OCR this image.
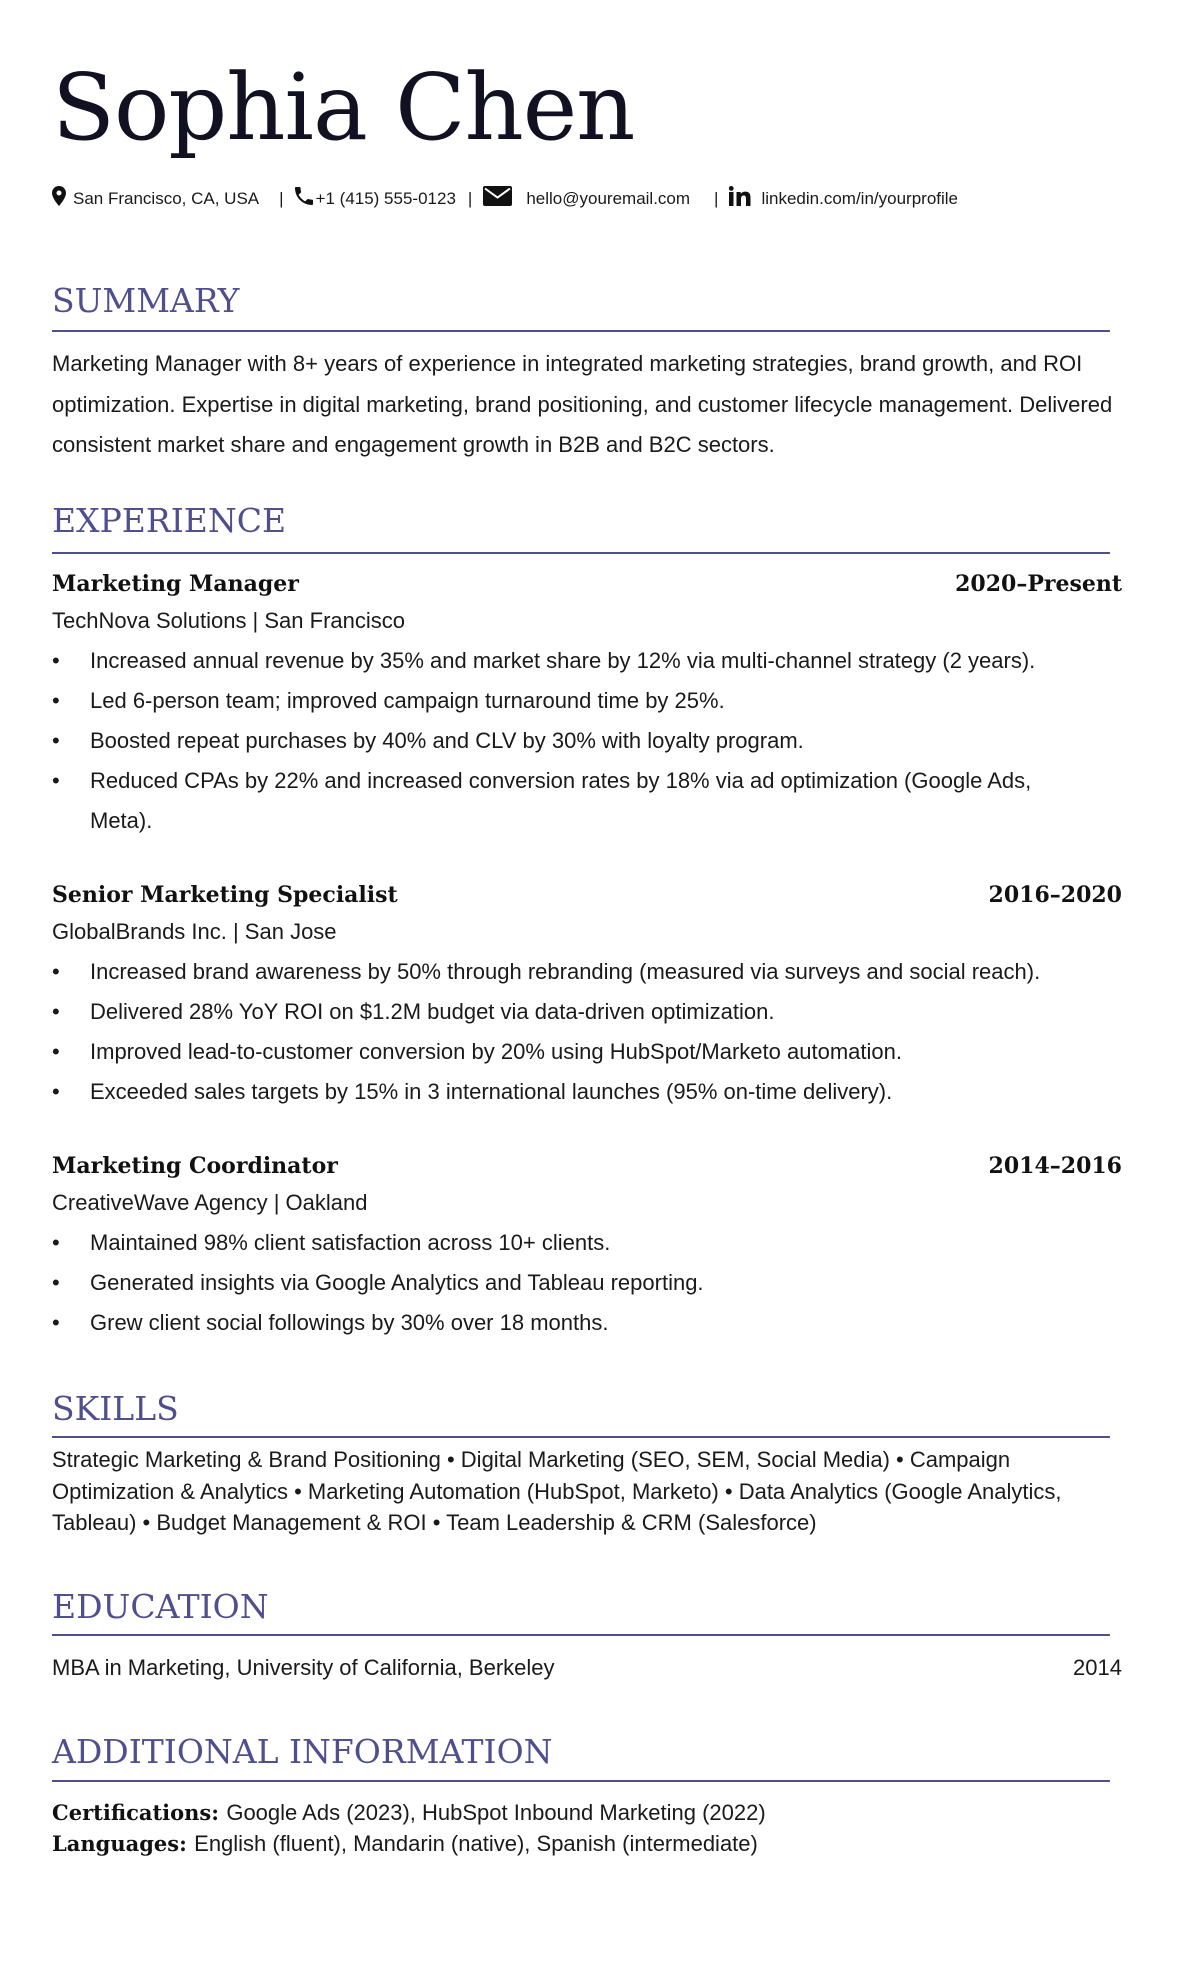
Sophia Chen
San Francisco, CA, USA | +1 (415) 555-0123 |	hello@youremail.com |	linkedin.com/in/yourprofile
SUMMARY
Marketing Manager with 8+ years of experience in integrated marketing strategies, brand growth, and ROI optimization. Expertise in digital marketing, brand positioning, and customer lifecycle management. Delivered consistent market share and engagement growth in B2B and B2C sectors.
EXPERIENCE
Marketing Manager	2020–Present
TechNova Solutions | San Francisco
• Increased annual revenue by 35% and market share by 12% via multi-channel strategy (2 years).
• Led 6-person team; improved campaign turnaround time by 25%.
• Boosted repeat purchases by 40% and CLV by 30% with loyalty program.
• Reduced CPAs by 22% and increased conversion rates by 18% via ad optimization (Google Ads, Meta).
Senior Marketing Specialist	2016–2020
GlobalBrands Inc. | San Jose
• Increased brand awareness by 50% through rebranding (measured via surveys and social reach).
• Delivered 28% YoY ROI on $1.2M budget via data-driven optimization.
• Improved lead-to-customer conversion by 20% using HubSpot/Marketo automation.
• Exceeded sales targets by 15% in 3 international launches (95% on-time delivery).
Marketing Coordinator	2014–2016
CreativeWave Agency | Oakland
• Maintained 98% client satisfaction across 10+ clients.
• Generated insights via Google Analytics and Tableau reporting.
• Grew client social followings by 30% over 18 months.
SKILLS
Strategic Marketing & Brand Positioning • Digital Marketing (SEO, SEM, Social Media) • Campaign Optimization & Analytics • Marketing Automation (HubSpot, Marketo) • Data Analytics (Google Analytics, Tableau) • Budget Management & ROI • Team Leadership & CRM (Salesforce)
EDUCATION
MBA in Marketing, University of California, Berkeley	2014
ADDITIONAL INFORMATION
Certifications: Google Ads (2023), HubSpot Inbound Marketing (2022)
Languages: English (fluent), Mandarin (native), Spanish (intermediate)
